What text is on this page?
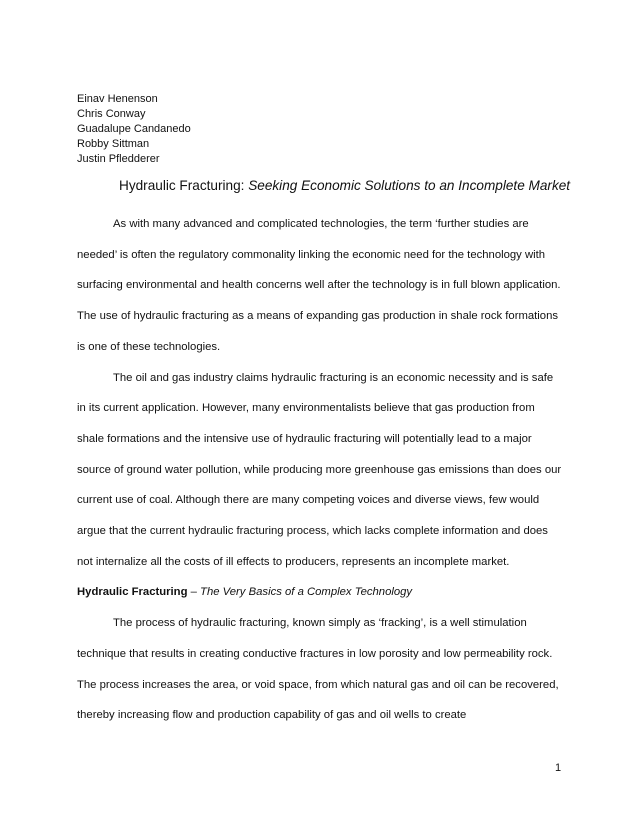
Einav Henenson
Chris Conway
Guadalupe Candanedo
Robby Sittman
Justin Pfledderer
Hydraulic Fracturing: Seeking Economic Solutions to an Incomplete Market

As with many advanced and complicated technologies, the term ‘further studies are needed’ is often the regulatory commonality linking the economic need for the technology with surfacing environmental and health concerns well after the technology is in full blown application. The use of hydraulic fracturing as a means of expanding gas production in shale rock formations is one of these technologies.

The oil and gas industry claims hydraulic fracturing is an economic necessity and is safe in its current application. However, many environmentalists believe that gas production from shale formations and the intensive use of hydraulic fracturing will potentially lead to a major source of ground water pollution, while producing more greenhouse gas emissions than does our current use of coal. Although there are many competing voices and diverse views, few would argue that the current hydraulic fracturing process, which lacks complete information and does not internalize all the costs of ill effects to producers, represents an incomplete market.

Hydraulic Fracturing – The Very Basics of a Complex Technology

The process of hydraulic fracturing, known simply as ‘fracking’, is a well stimulation technique that results in creating conductive fractures in low porosity and low permeability rock. The process increases the area, or void space, from which natural gas and oil can be recovered, thereby increasing flow and production capability of gas and oil wells to create

1
